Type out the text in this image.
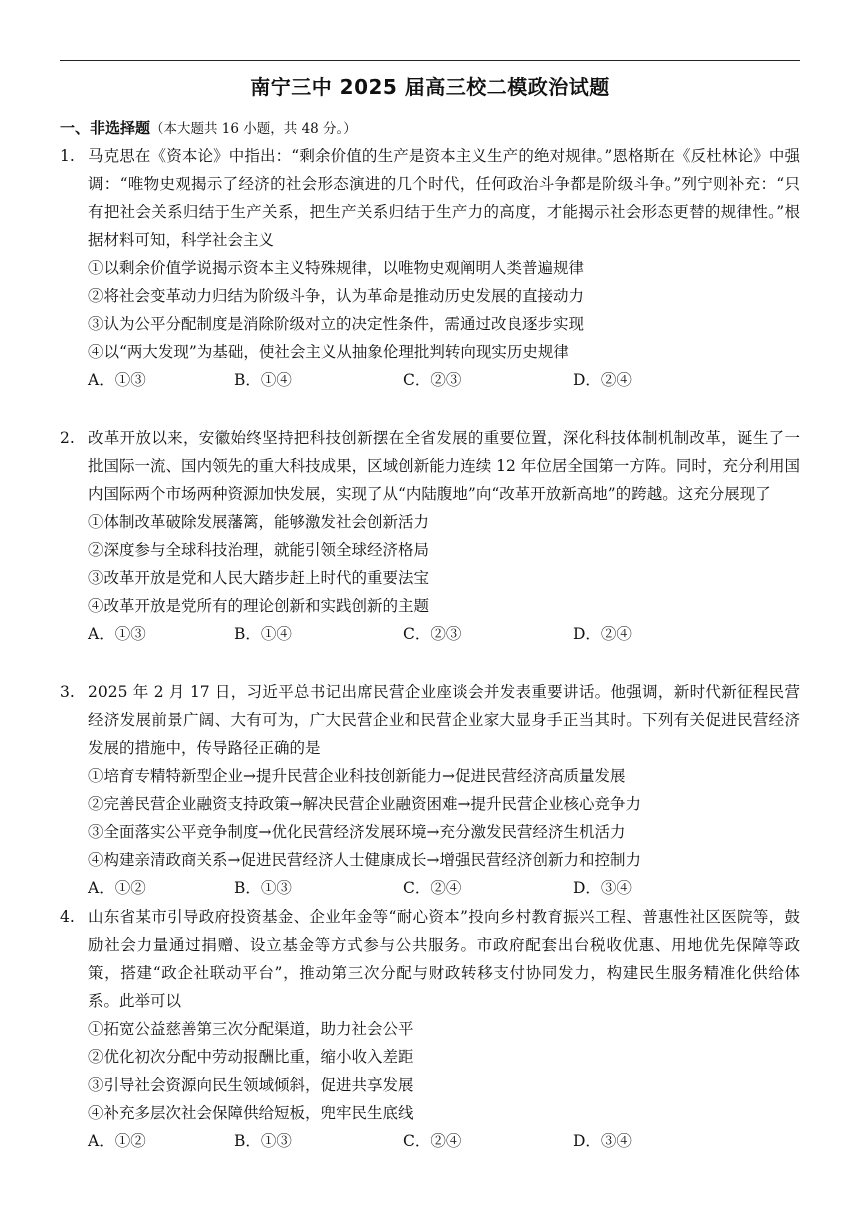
南宁三中 2025 届高三校二模政治试题
一、非选择题（本大题共 16 小题，共 48 分。）
1. 马克思在《资本论》中指出：“剩余价值的生产是资本主义生产的绝对规律。”恩格斯在《反杜林论》中强调：“唯物史观揭示了经济的社会形态演进的几个时代，任何政治斗争都是阶级斗争。”列宁则补充：“只有把社会关系归结于生产关系，把生产关系归结于生产力的高度，才能揭示社会形态更替的规律性。”根据材料可知，科学社会主义

①以剩余价值学说揭示资本主义特殊规律，以唯物史观阐明人类普遍规律

②将社会变革动力归结为阶级斗争，认为革命是推动历史发展的直接动力

③认为公平分配制度是消除阶级对立的决定性条件，需通过改良逐步实现

④以“两大发现”为基础，使社会主义从抽象伦理批判转向现实历史规律

A．①③	B．①④	C．②③	D．②④
2. 改革开放以来，安徽始终坚持把科技创新摆在全省发展的重要位置，深化科技体制机制改革，诞生了一批国际一流、国内领先的重大科技成果，区域创新能力连续 12 年位居全国第一方阵。同时，充分利用国内国际两个市场两种资源加快发展，实现了从“内陆腹地”向“改革开放新高地”的跨越。这充分展现了

①体制改革破除发展藩篱，能够激发社会创新活力

②深度参与全球科技治理，就能引领全球经济格局

③改革开放是党和人民大踏步赶上时代的重要法宝

④改革开放是党所有的理论创新和实践创新的主题

A．①③	B．①④	C．②③	D．②④
3. 2025 年 2 月 17 日，习近平总书记出席民营企业座谈会并发表重要讲话。他强调，新时代新征程民营经济发展前景广阔、大有可为，广大民营企业和民营企业家大显身手正当其时。下列有关促进民营经济发展的措施中，传导路径正确的是

①培育专精特新型企业→提升民营企业科技创新能力→促进民营经济高质量发展

②完善民营企业融资支持政策→解决民营企业融资困难→提升民营企业核心竞争力

③全面落实公平竞争制度→优化民营经济发展环境→充分激发民营经济生机活力

④构建亲清政商关系→促进民营经济人士健康成长→增强民营经济创新力和控制力

A．①②	B．①③	C．②④	D．③④
4. 山东省某市引导政府投资基金、企业年金等“耐心资本”投向乡村教育振兴工程、普惠性社区医院等，鼓励社会力量通过捐赠、设立基金等方式参与公共服务。市政府配套出台税收优惠、用地优先保障等政策，搭建“政企社联动平台”，推动第三次分配与财政转移支付协同发力，构建民生服务精准化供给体系。此举可以

①拓宽公益慈善第三次分配渠道，助力社会公平

②优化初次分配中劳动报酬比重，缩小收入差距

③引导社会资源向民生领域倾斜，促进共享发展

④补充多层次社会保障供给短板，兜牢民生底线

A．①②	B．①③	C．②④	D．③④
